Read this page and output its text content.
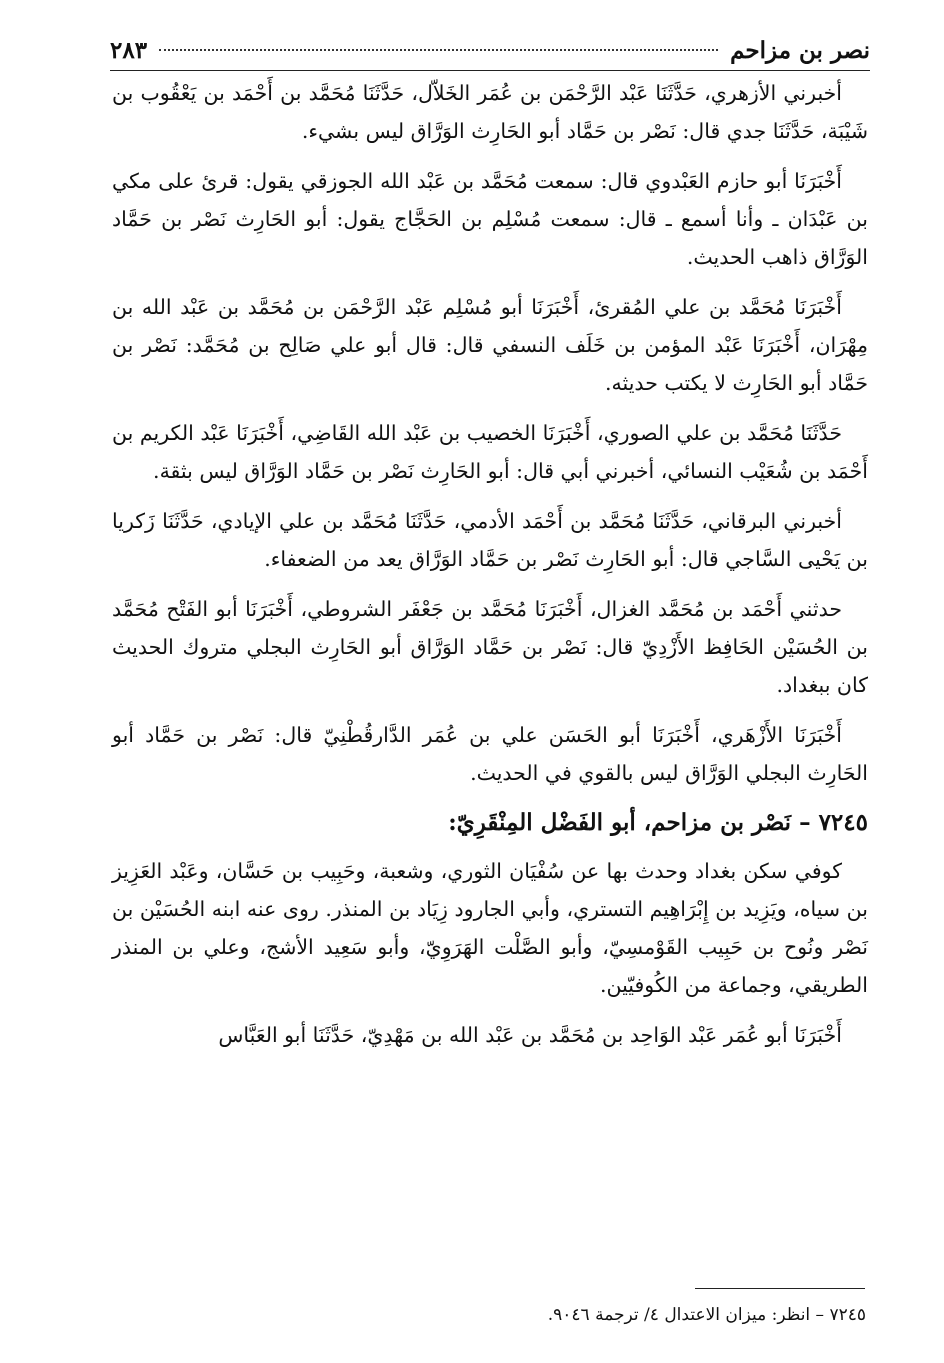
نصر بن مزاحم
٢٨٣

أخبرني الأزهري، حَدَّثَنَا عَبْد الرَّحْمَن بن عُمَر الخَلاّل، حَدَّثَنَا مُحَمَّد بن أَحْمَد بن يَعْقُوب بن شَيْبَة، حَدَّثَنَا جدي قال: نَصْر بن حَمَّاد أبو الحَارِث الوَرَّاق ليس بشيء.

أَخْبَرَنَا أبو حازم العَبْدوي قال: سمعت مُحَمَّد بن عَبْد الله الجوزقي يقول: قرئ على مكي بن عَبْدَان ـ وأنا أسمع ـ قال: سمعت مُسْلِم بن الحَجَّاج يقول: أبو الحَارِث نَصْر بن حَمَّاد الوَرَّاق ذاهب الحديث.

أَخْبَرَنَا مُحَمَّد بن علي المُقرئ، أَخْبَرَنَا أبو مُسْلِم عَبْد الرَّحْمَن بن مُحَمَّد بن عَبْد الله بن مِهْرَان، أَخْبَرَنَا عَبْد المؤمن بن خَلَف النسفي قال: قال أبو علي صَالِح بن مُحَمَّد: نَصْر بن حَمَّاد أبو الحَارِث لا يكتب حديثه.

حَدَّثَنَا مُحَمَّد بن علي الصوري، أَخْبَرَنَا الخصيب بن عَبْد الله القَاضِي، أَخْبَرَنَا عَبْد الكريم بن أَحْمَد بن شُعَيْب النسائي، أخبرني أبي قال: أبو الحَارِث نَصْر بن حَمَّاد الوَرَّاق ليس بثقة.

أخبرني البرقاني، حَدَّثَنَا مُحَمَّد بن أَحْمَد الأدمي، حَدَّثَنَا مُحَمَّد بن علي الإيادي، حَدَّثَنَا زَكريا بن يَحْيى السَّاجي قال: أبو الحَارِث نَصْر بن حَمَّاد الوَرَّاق يعد من الضعفاء.

حدثني أَحْمَد بن مُحَمَّد الغزال، أَخْبَرَنَا مُحَمَّد بن جَعْفَر الشروطي، أَخْبَرَنَا أبو الفَتْح مُحَمَّد بن الحُسَيْن الحَافِظ الأَزْدِيّ قال: نَصْر بن حَمَّاد الوَرَّاق أبو الحَارِث البجلي متروك الحديث كان ببغداد.

أَخْبَرَنَا الأَزْهَري، أَخْبَرَنَا أبو الحَسَن علي بن عُمَر الدَّارقُطْنِيّ قال: نَصْر بن حَمَّاد أبو الحَارِث البجلي الوَرَّاق ليس بالقوي في الحديث.

٧٢٤٥ – نَصْر بن مزاحم، أبو الفَضْل المِنْقَرِيّ:

كوفي سكن بغداد وحدث بها عن سُفْيَان الثوري، وشعبة، وحَبِيب بن حَسَّان، وعَبْد العَزِيز بن سياه، ويَزِيد بن إِبْرَاهِيم التستري، وأبي الجارود زِيَاد بن المنذر. روى عنه ابنه الحُسَيْن بن نَصْر ونُوح بن حَبِيب القَوْمسِيّ، وأبو الصَّلْت الهَرَوِيّ، وأبو سَعِيد الأشج، وعلي بن المنذر الطريقي، وجماعة من الكُوفيّين.

أَخْبَرَنَا أبو عُمَر عَبْد الوَاحِد بن مُحَمَّد بن عَبْد الله بن مَهْدِيّ، حَدَّثَنَا أبو العَبَّاس

٧٢٤٥ – انظر: ميزان الاعتدال ٤/ ترجمة ٩٠٤٦.
